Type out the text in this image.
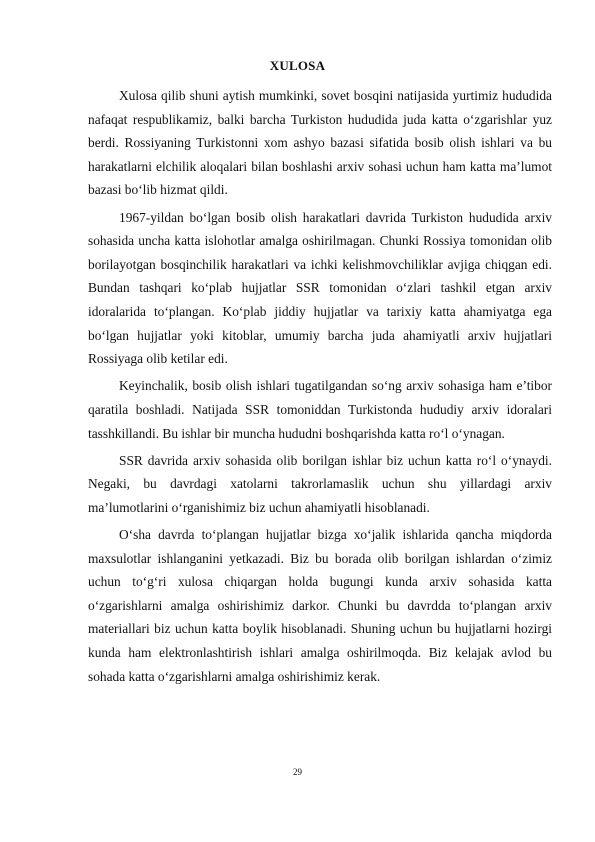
XULOSA

Xulosa qilib shuni aytish mumkinki, sovet bosqini natijasida yurtimiz hududida nafaqat respublikamiz, balki barcha Turkiston hududida juda katta o‘zgarishlar yuz berdi. Rossiyaning Turkistonni xom ashyo bazasi sifatida bosib olish ishlari va bu harakatlarni elchilik aloqalari bilan boshlashi arxiv sohasi uchun ham katta ma’lumot bazasi bo‘lib hizmat qildi.

1967-yildan bo‘lgan bosib olish harakatlari davrida Turkiston hududida arxiv sohasida uncha katta islohotlar amalga oshirilmagan. Chunki Rossiya tomonidan olib borilayotgan bosqinchilik harakatlari va ichki kelishmovchiliklar avjiga chiqgan edi. Bundan tashqari ko‘plab hujjatlar SSR tomonidan o‘zlari tashkil etgan arxiv idoralarida to‘plangan. Ko‘plab jiddiy hujjatlar va tarixiy katta ahamiyatga ega bo‘lgan hujjatlar yoki kitoblar, umumiy barcha juda ahamiyatli arxiv hujjatlari Rossiyaga olib ketilar edi.

Keyinchalik, bosib olish ishlari tugatilgandan so‘ng arxiv sohasiga ham e’tibor qaratila boshladi. Natijada SSR tomoniddan Turkistonda hududiy arxiv idoralari tasshkillandi. Bu ishlar bir muncha hududni boshqarishda katta ro‘l o‘ynagan.

SSR davrida arxiv sohasida olib borilgan ishlar biz uchun katta ro‘l o‘ynaydi. Negaki, bu davrdagi xatolarni takrorlamaslik uchun shu yillardagi arxiv ma’lumotlarini o‘rganishimiz biz uchun ahamiyatli hisoblanadi.

O‘sha davrda to‘plangan hujjatlar bizga xo‘jalik ishlarida qancha miqdorda maxsulotlar ishlanganini yetkazadi. Biz bu borada olib borilgan ishlardan o‘zimiz uchun to‘g‘ri xulosa chiqargan holda bugungi kunda arxiv sohasida katta o‘zgarishlarni amalga oshirishimiz darkor. Chunki bu davrdda to‘plangan arxiv materiallari biz uchun katta boylik hisoblanadi. Shuning uchun bu hujjatlarni hozirgi kunda ham elektronlashtirish ishlari amalga oshirilmoqda. Biz kelajak avlod bu sohada katta o‘zgarishlarni amalga oshirishimiz kerak.

29
